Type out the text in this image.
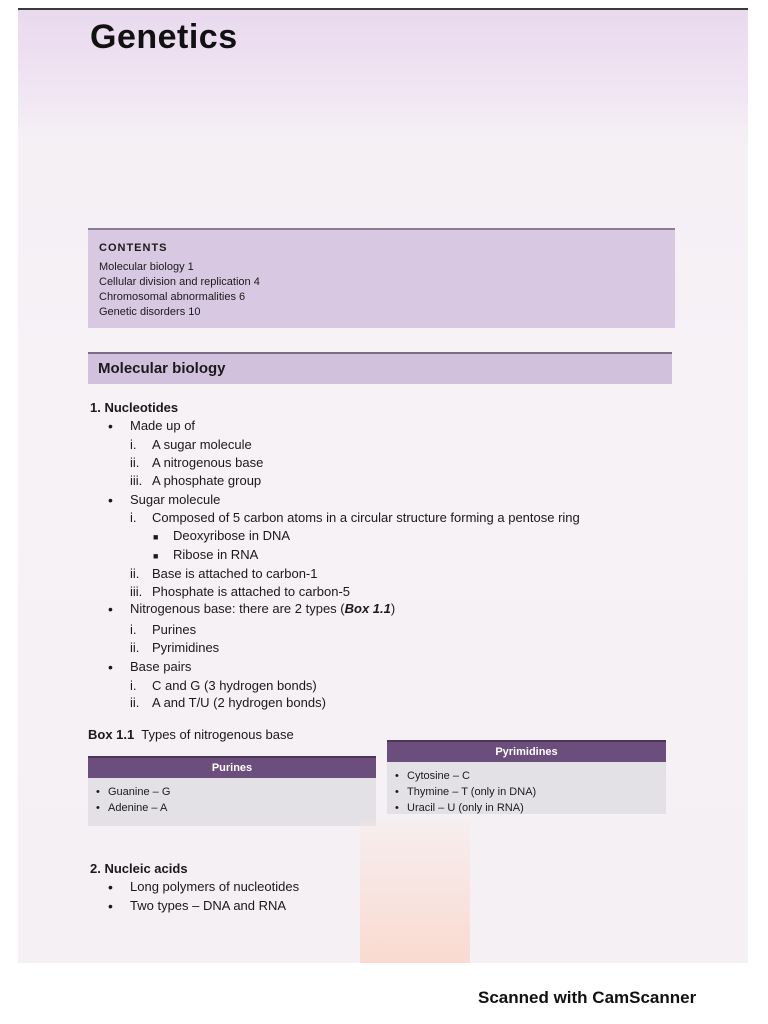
Genetics
CONTENTS
Molecular biology 1
Cellular division and replication 4
Chromosomal abnormalities 6
Genetic disorders 10
Molecular biology
1. Nucleotides
• Made up of
i. A sugar molecule
ii. A nitrogenous base
iii. A phosphate group
• Sugar molecule
i. Composed of 5 carbon atoms in a circular structure forming a pentose ring
■ Deoxyribose in DNA
■ Ribose in RNA
ii. Base is attached to carbon-1
iii. Phosphate is attached to carbon-5
• Nitrogenous base: there are 2 types (Box 1.1)
i. Purines
ii. Pyrimidines
• Base pairs
i. C and G (3 hydrogen bonds)
ii. A and T/U (2 hydrogen bonds)
Box 1.1 Types of nitrogenous base
Purines
• Guanine – G
• Adenine – A
Pyrimidines
• Cytosine – C
• Thymine – T (only in DNA)
• Uracil – U (only in RNA)
2. Nucleic acids
• Long polymers of nucleotides
• Two types – DNA and RNA
Scanned with CamScanner
